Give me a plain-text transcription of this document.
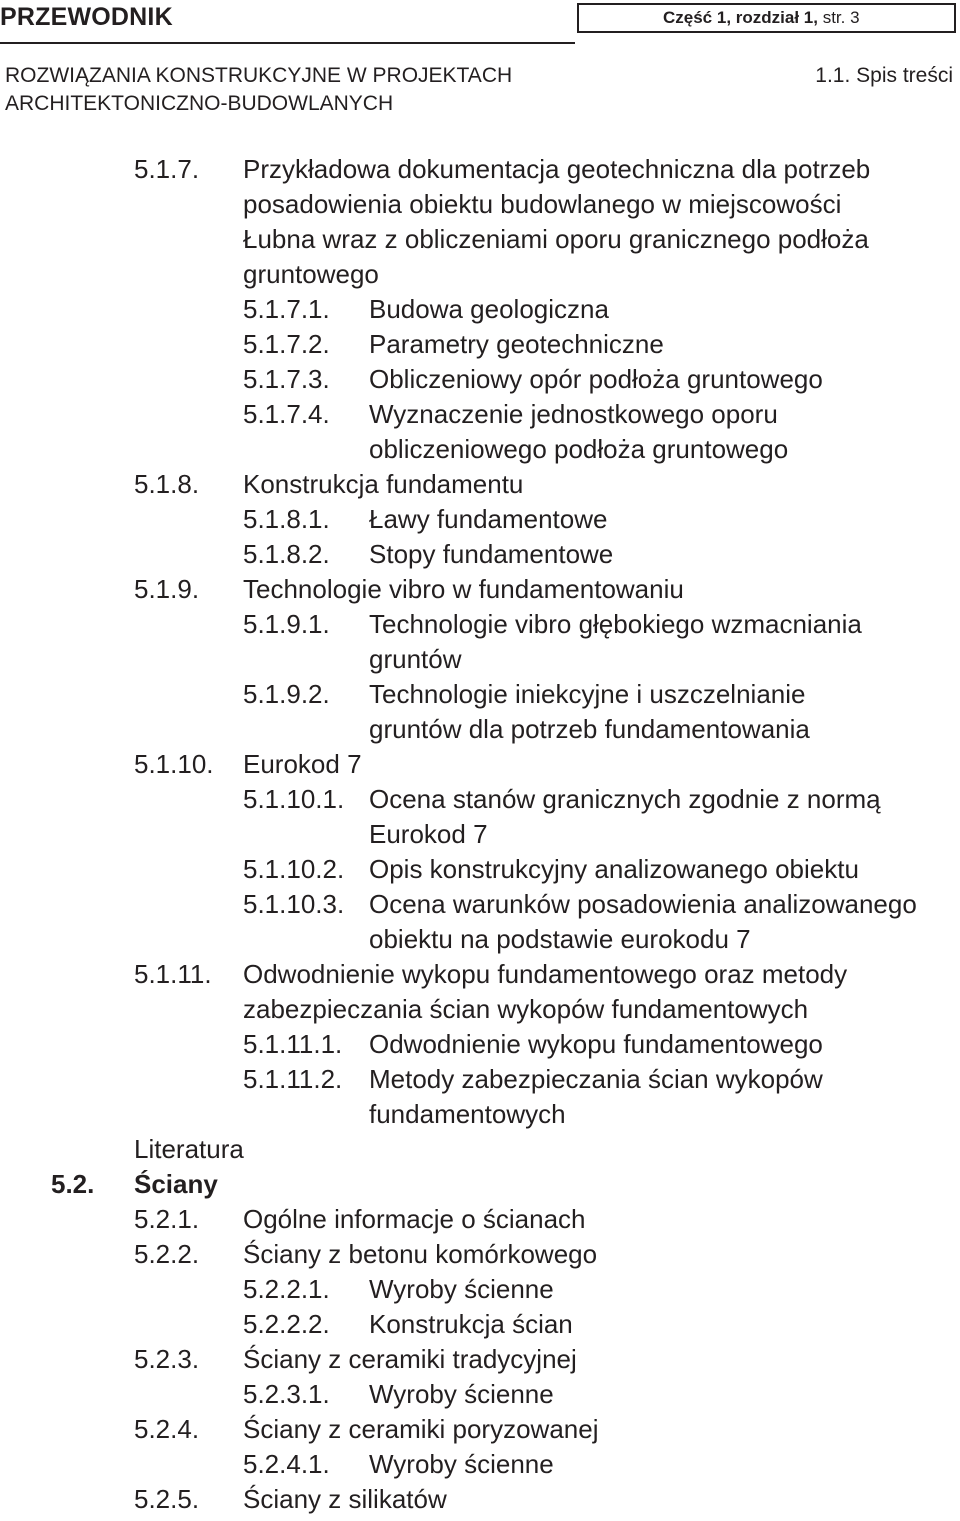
PRZEWODNIK	Część 1, rozdział 1, str. 3
ROZWIĄZANIA KONSTRUKCYJNE W PROJEKTACH
ARCHITEKTONICZNO-BUDOWLANYCH
1.1. Spis treści
5.1.7. Przykładowa dokumentacja geotechniczna dla potrzeb
posadowienia obiektu budowlanego w miejscowości
Łubna wraz z obliczeniami oporu granicznego podłoża
gruntowego
5.1.7.1. Budowa geologiczna
5.1.7.2. Parametry geotechniczne
5.1.7.3. Obliczeniowy opór podłoża gruntowego
5.1.7.4. Wyznaczenie jednostkowego oporu
obliczeniowego podłoża gruntowego
5.1.8. Konstrukcja fundamentu
5.1.8.1. Ławy fundamentowe
5.1.8.2. Stopy fundamentowe
5.1.9. Technologie vibro w fundamentowaniu
5.1.9.1. Technologie vibro głębokiego wzmacniania
gruntów
5.1.9.2. Technologie iniekcyjne i uszczelnianie
gruntów dla potrzeb fundamentowania
5.1.10. Eurokod 7
5.1.10.1. Ocena stanów granicznych zgodnie z normą
Eurokod 7
5.1.10.2. Opis konstrukcyjny analizowanego obiektu
5.1.10.3. Ocena warunków posadowienia analizowanego
obiektu na podstawie eurokodu 7
5.1.11. Odwodnienie wykopu fundamentowego oraz metody
zabezpieczania ścian wykopów fundamentowych
5.1.11.1. Odwodnienie wykopu fundamentowego
5.1.11.2. Metody zabezpieczania ścian wykopów
fundamentowych
Literatura
5.2. Ściany
5.2.1. Ogólne informacje o ścianach
5.2.2. Ściany z betonu komórkowego
5.2.2.1. Wyroby ścienne
5.2.2.2. Konstrukcja ścian
5.2.3. Ściany z ceramiki tradycyjnej
5.2.3.1. Wyroby ścienne
5.2.4. Ściany z ceramiki poryzowanej
5.2.4.1. Wyroby ścienne
5.2.5. Ściany z silikatów
